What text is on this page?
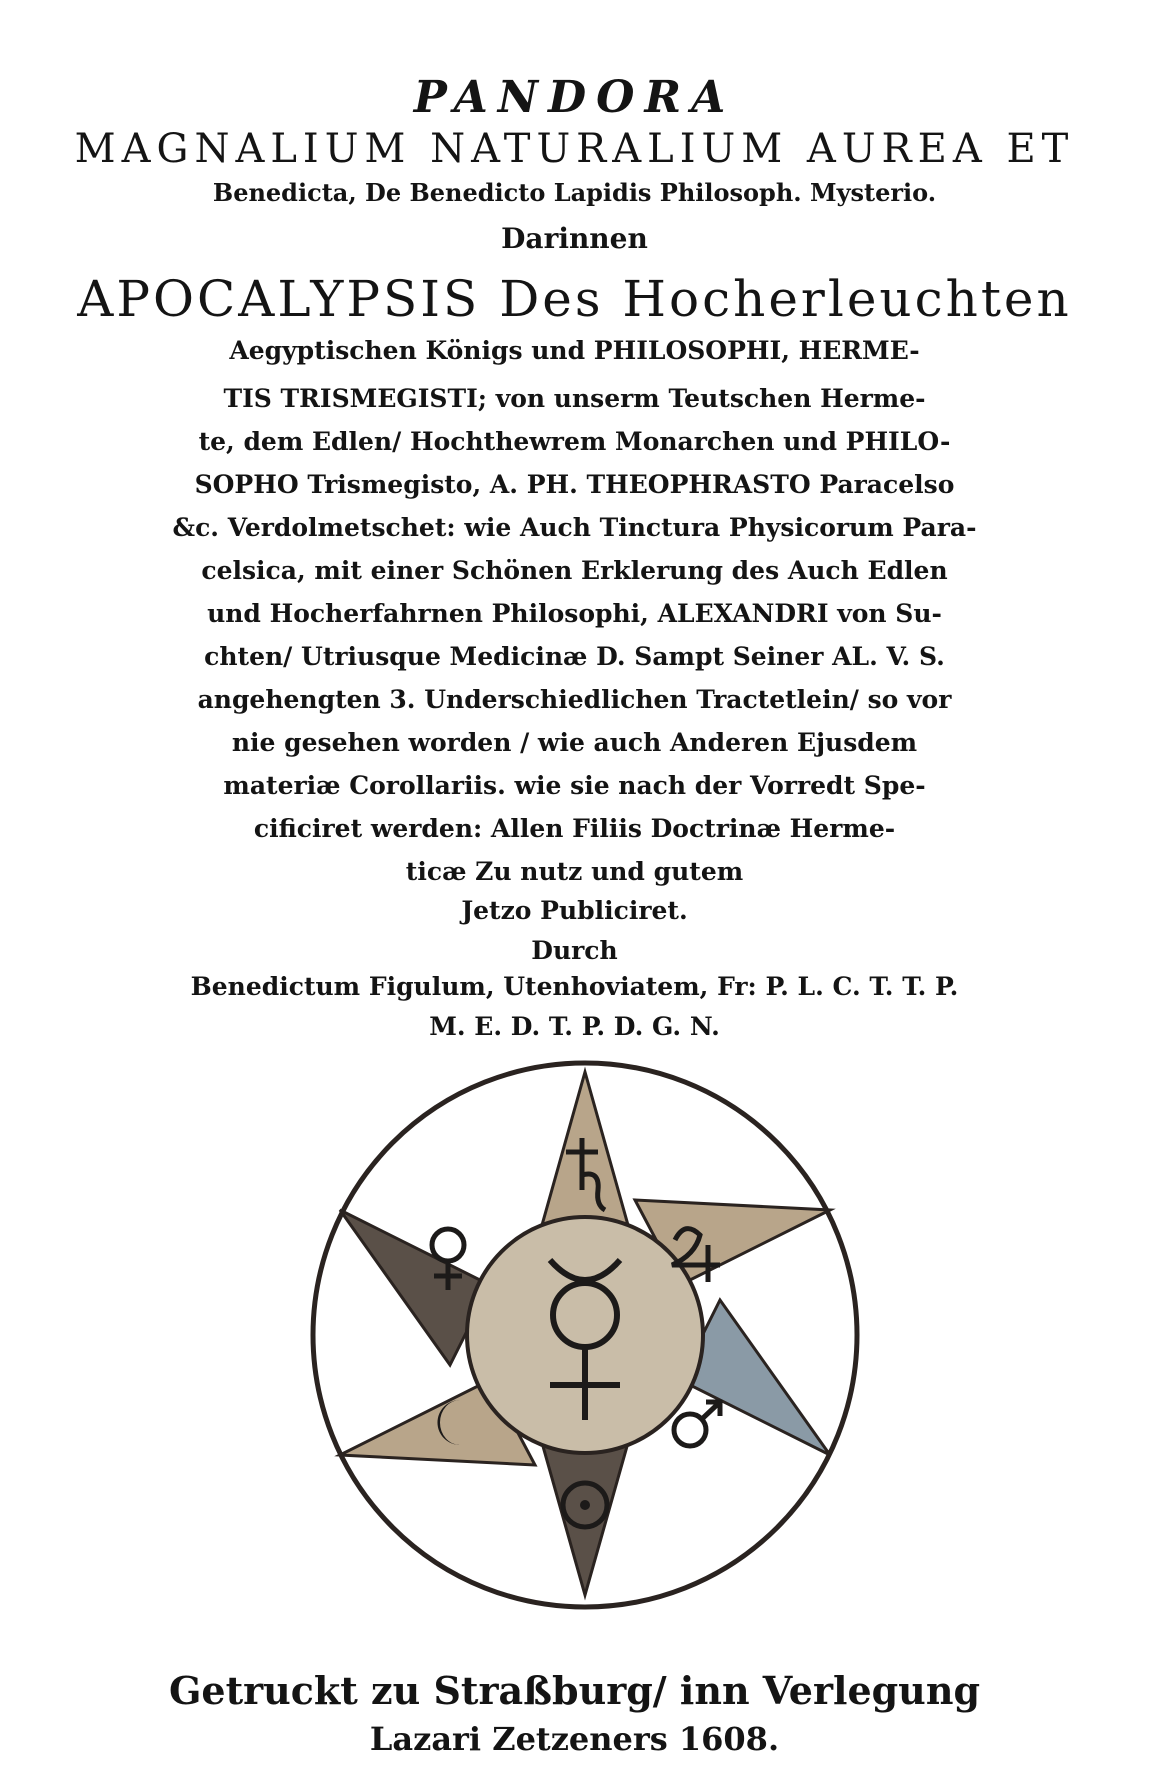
PANDORA
MAGNALIUM NATURALIUM AUREA ET
Benedicta, De Benedicto Lapidis Philosoph. Mysterio.
Darinnen
APOCALYPSIS Des Hocherleuchten
Aegyptischen Königs und PHILOSOPHI, HERME-
TIS TRISMEGISTI; von unserm Teutschen Herme-
te, dem Edlen/ Hochthewrem Monarchen und PHILO-
SOPHO Trismegisto, A. PH. THEOPHRASTO Paracelso
&c. Verdolmetschet: wie Auch Tinctura Physicorum Para-
celsica, mit einer Schönen Erklerung des Auch Edlen
und Hocherfahrnen Philosophi, ALEXANDRI von Su-
chten/ Utriusque Medicinæ D. Sampt Seiner AL. V. S.
angehengten 3. Underschiedlichen Tractetlein/ so vor
nie gesehen worden / wie auch Anderen Ejusdem
materiæ Corollariis. wie sie nach der Vorredt Spe-
cificiret werden: Allen Filiis Doctrinæ Herme-
ticæ Zu nutz und gutem
Jetzo Publiciret.
Durch
Benedictum Figulum, Utenhoviatem, Fr: P. L. C. T. T. P.
M. E. D. T. P. D. G. N.
Getruckt zu Straßburg/ inn Verlegung
Lazari Zetzeners 1608.
